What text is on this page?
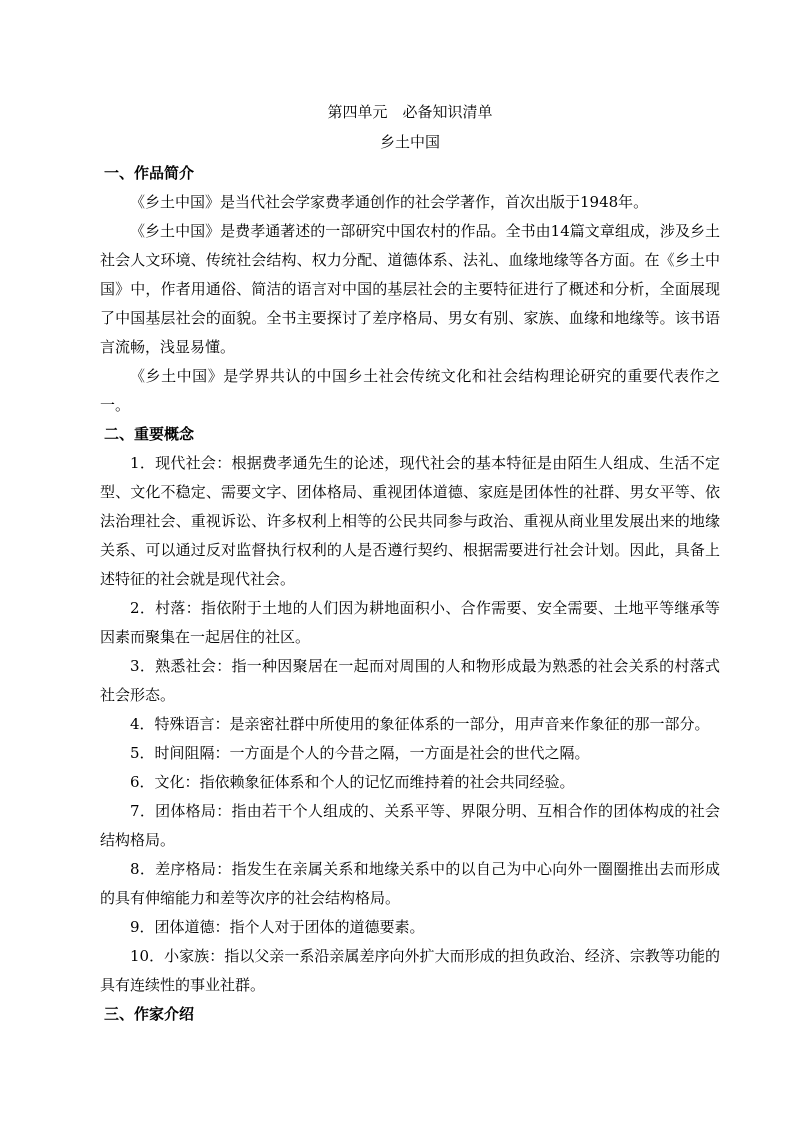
第四单元　必备知识清单

乡土中国

一、作品简介

《乡土中国》是当代社会学家费孝通创作的社会学著作，首次出版于1948年。

《乡土中国》是费孝通著述的一部研究中国农村的作品。全书由14篇文章组成，涉及乡土社会人文环境、传统社会结构、权力分配、道德体系、法礼、血缘地缘等各方面。在《乡土中国》中，作者用通俗、简洁的语言对中国的基层社会的主要特征进行了概述和分析，全面展现了中国基层社会的面貌。全书主要探讨了差序格局、男女有别、家族、血缘和地缘等。该书语言流畅，浅显易懂。

《乡土中国》是学界共认的中国乡土社会传统文化和社会结构理论研究的重要代表作之一。

二、重要概念

1．现代社会：根据费孝通先生的论述，现代社会的基本特征是由陌生人组成、生活不定型、文化不稳定、需要文字、团体格局、重视团体道德、家庭是团体性的社群、男女平等、依法治理社会、重视诉讼、许多权利上相等的公民共同参与政治、重视从商业里发展出来的地缘关系、可以通过反对监督执行权利的人是否遵行契约、根据需要进行社会计划。因此，具备上述特征的社会就是现代社会。

2．村落：指依附于土地的人们因为耕地面积小、合作需要、安全需要、土地平等继承等因素而聚集在一起居住的社区。

3．熟悉社会：指一种因聚居在一起而对周围的人和物形成最为熟悉的社会关系的村落式社会形态。

4．特殊语言：是亲密社群中所使用的象征体系的一部分，用声音来作象征的那一部分。

5．时间阻隔：一方面是个人的今昔之隔，一方面是社会的世代之隔。

6．文化：指依赖象征体系和个人的记忆而维持着的社会共同经验。

7．团体格局：指由若干个人组成的、关系平等、界限分明、互相合作的团体构成的社会结构格局。

8．差序格局：指发生在亲属关系和地缘关系中的以自己为中心向外一圈圈推出去而形成的具有伸缩能力和差等次序的社会结构格局。

9．团体道德：指个人对于团体的道德要素。

10．小家族：指以父亲一系沿亲属差序向外扩大而形成的担负政治、经济、宗教等功能的具有连续性的事业社群。

三、作家介绍
